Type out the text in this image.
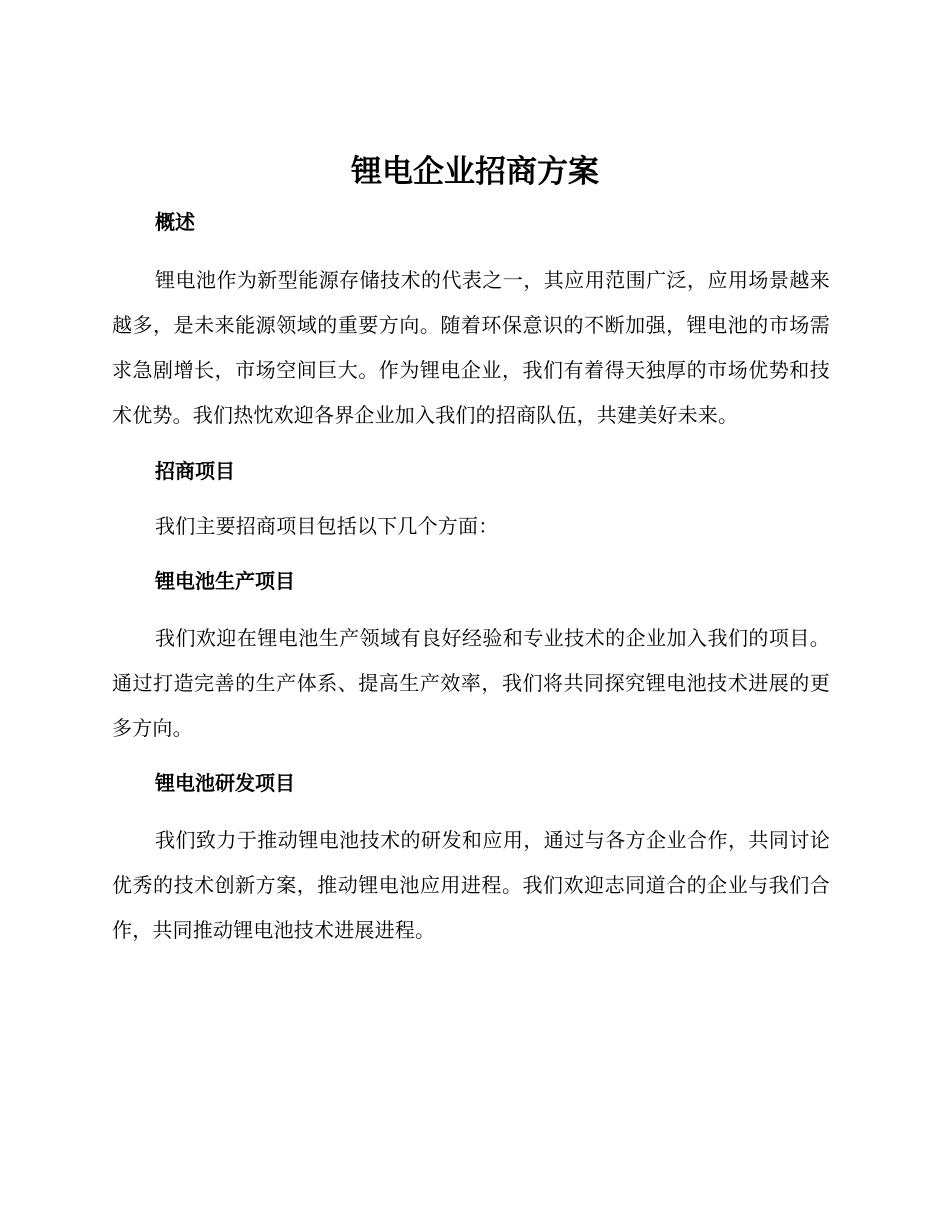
锂电企业招商方案
概述

锂电池作为新型能源存储技术的代表之一，其应用范围广泛，应用场景越来越多，是未来能源领域的重要方向。随着环保意识的不断加强，锂电池的市场需求急剧增长，市场空间巨大。作为锂电企业，我们有着得天独厚的市场优势和技术优势。我们热忱欢迎各界企业加入我们的招商队伍，共建美好未来。

招商项目

我们主要招商项目包括以下几个方面：

锂电池生产项目

我们欢迎在锂电池生产领域有良好经验和专业技术的企业加入我们的项目。通过打造完善的生产体系、提高生产效率，我们将共同探究锂电池技术进展的更多方向。

锂电池研发项目

我们致力于推动锂电池技术的研发和应用，通过与各方企业合作，共同讨论优秀的技术创新方案，推动锂电池应用进程。我们欢迎志同道合的企业与我们合作，共同推动锂电池技术进展进程。
